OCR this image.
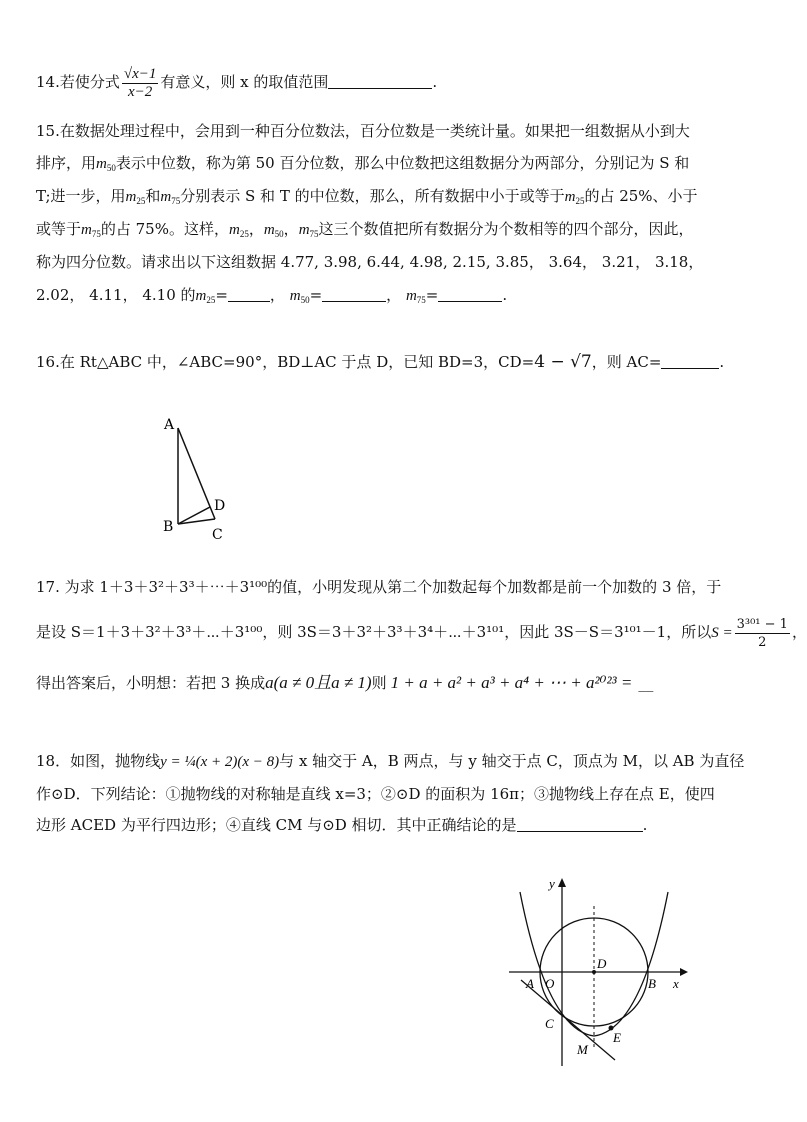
14.若使分式 $\frac{√x-1}{x-2}$ 有意义，则 x 的取值范围	.
15.在数据处理过程中，会用到一种百分位数法，百分位数是一类统计量。如果把一组数据从小到大
排序，用$m_{50}$表示中位数，称为第 50 百分位数，那么中位数把这组数据分为两部分，分别记为 S 和
T;进一步，用$m_{25}$和$m_{75}$分别表示 S 和 T 的中位数，那么，所有数据中小于或等于$m_{25}$的占 25%、小于
或等于$m_{75}$的占 75%。这样，$m_{25}$，$m_{50}$，$m_{75}$这三个数值把所有数据分为个数相等的四个部分，因此，
称为四分位数。请求出以下这组数据 4.77, 3.98, 6.44, 4.98, 2.15, 3.85， 3.64， 3.21， 3.18，
2.02， 4.11， 4.10 的$m_{25}=$	， $m_{50}=$	， $m_{75}=$	.
16.在 Rt△ABC 中，∠ABC=90°，BD⊥AC 于点 D，已知 BD=3，CD=4 − √7，则 AC=	.
A
B	C
D
17. 为求 1＋3＋3²＋3³＋⋯＋3¹⁰⁰的值，小明发现从第二个加数起每个加数都是前一个加数的 3 倍，于
是设 S＝1＋3＋3²＋3³＋⋯＋3¹⁰⁰，则 3S＝3＋3²＋3³＋3⁴＋⋯＋3¹⁰¹，因此 3S－S＝3¹⁰¹－1，所以$S = \frac{\text{3³⁰¹ − 1}}{2}$ ，
得出答案后，小明想：若把 3 换成a(a ≠ 0且a ≠ 1)则 1 + a + a² + a³ + a⁴ + ⋯ + a²⁰²³ = __
18．如图，抛物线y = ¼(x + 2)(x − 8)与 x 轴交于 A，B 两点，与 y 轴交于点 C，顶点为 M，以 AB 为直径
作⊙D．下列结论：①抛物线的对称轴是直线 x=3；②⊙D 的面积为 16π；③抛物线上存在点 E，使四
边形 ACED 为平行四边形；④直线 CM 与⊙D 相切．其中正确结论的是	.
y
x
A O	B
C
D
E
M
